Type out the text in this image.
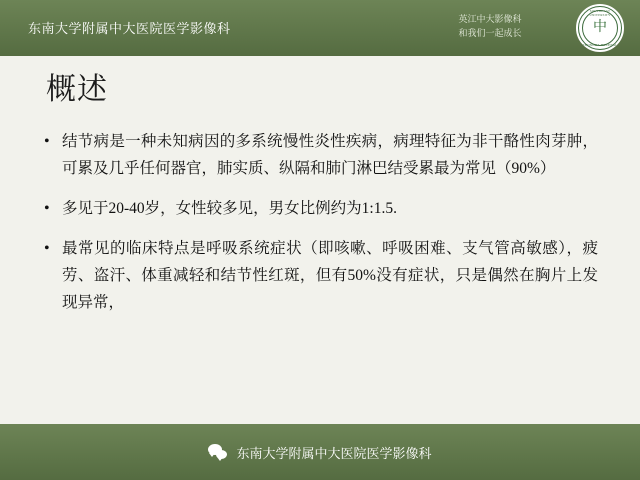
东南大学附属中大医院医学影像科
英江中大影像科
和我们一起成长
SOUTHEAST UNIVERSITY
中
ZHONGDA HOSPITAL
概述
• 结节病是一种未知病因的多系统慢性炎性疾病，病理特征为非干酪性肉芽肿，可累及几乎任何器官，肺实质、纵隔和肺门淋巴结受累最为常见（90%）
• 多见于20-40岁，女性较多见，男女比例约为1:1.5.
• 最常见的临床特点是呼吸系统症状（即咳嗽、呼吸困难、支气管高敏感），疲劳、盗汗、体重减轻和结节性红斑，但有50%没有症状，只是偶然在胸片上发现异常，
东南大学附属中大医院医学影像科
